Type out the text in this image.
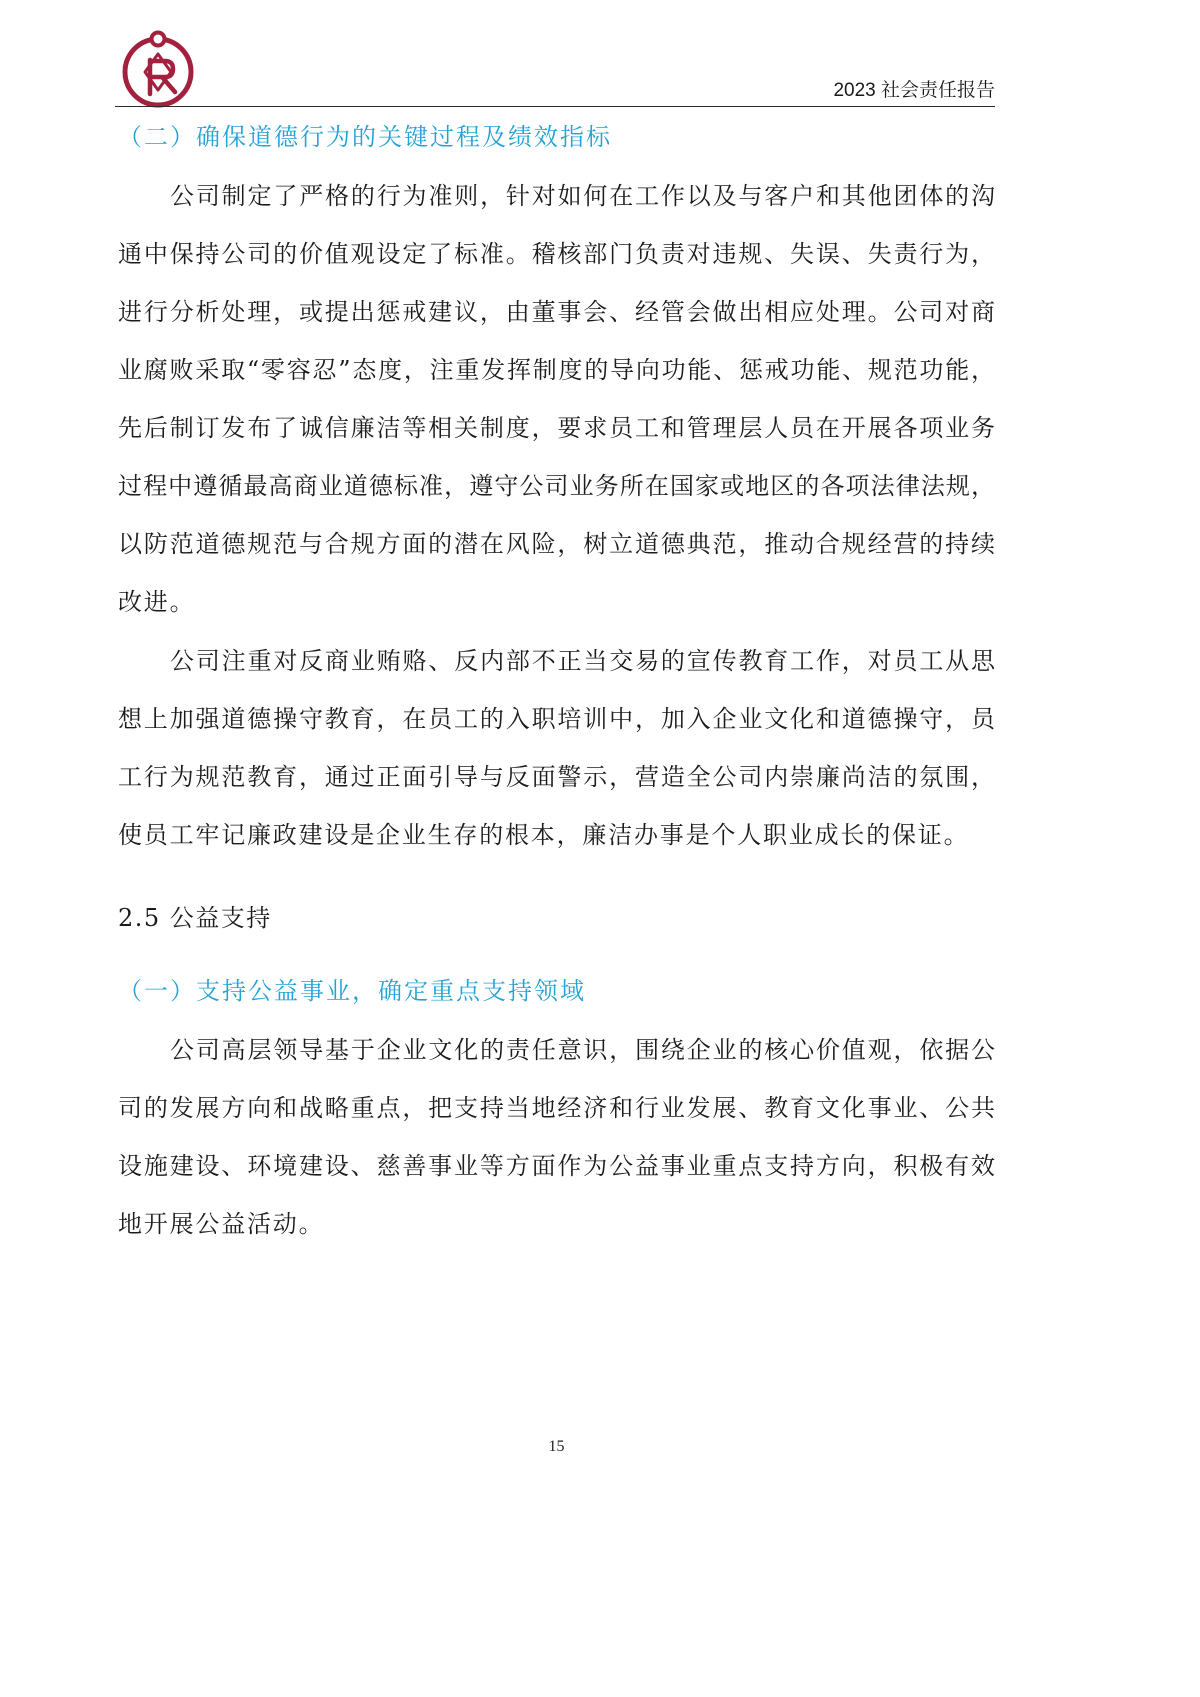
2023 社会责任报告
（二）确保道德行为的关键过程及绩效指标
公司制定了严格的行为准则，针对如何在工作以及与客户和其他团体的沟
通中保持公司的价值观设定了标准。稽核部门负责对违规、失误、失责行为，
进行分析处理，或提出惩戒建议，由董事会、经管会做出相应处理。公司对商
业腐败采取“零容忍”态度，注重发挥制度的导向功能、惩戒功能、规范功能，
先后制订发布了诚信廉洁等相关制度，要求员工和管理层人员在开展各项业务
过程中遵循最高商业道德标准，遵守公司业务所在国家或地区的各项法律法规，
以防范道德规范与合规方面的潜在风险，树立道德典范，推动合规经营的持续
改进。
公司注重对反商业贿赂、反内部不正当交易的宣传教育工作，对员工从思
想上加强道德操守教育，在员工的入职培训中，加入企业文化和道德操守，员
工行为规范教育，通过正面引导与反面警示，营造全公司内崇廉尚洁的氛围，
使员工牢记廉政建设是企业生存的根本，廉洁办事是个人职业成长的保证。
2.5 公益支持
（一）支持公益事业，确定重点支持领域
公司高层领导基于企业文化的责任意识，围绕企业的核心价值观，依据公
司的发展方向和战略重点，把支持当地经济和行业发展、教育文化事业、公共
设施建设、环境建设、慈善事业等方面作为公益事业重点支持方向，积极有效
地开展公益活动。
15
